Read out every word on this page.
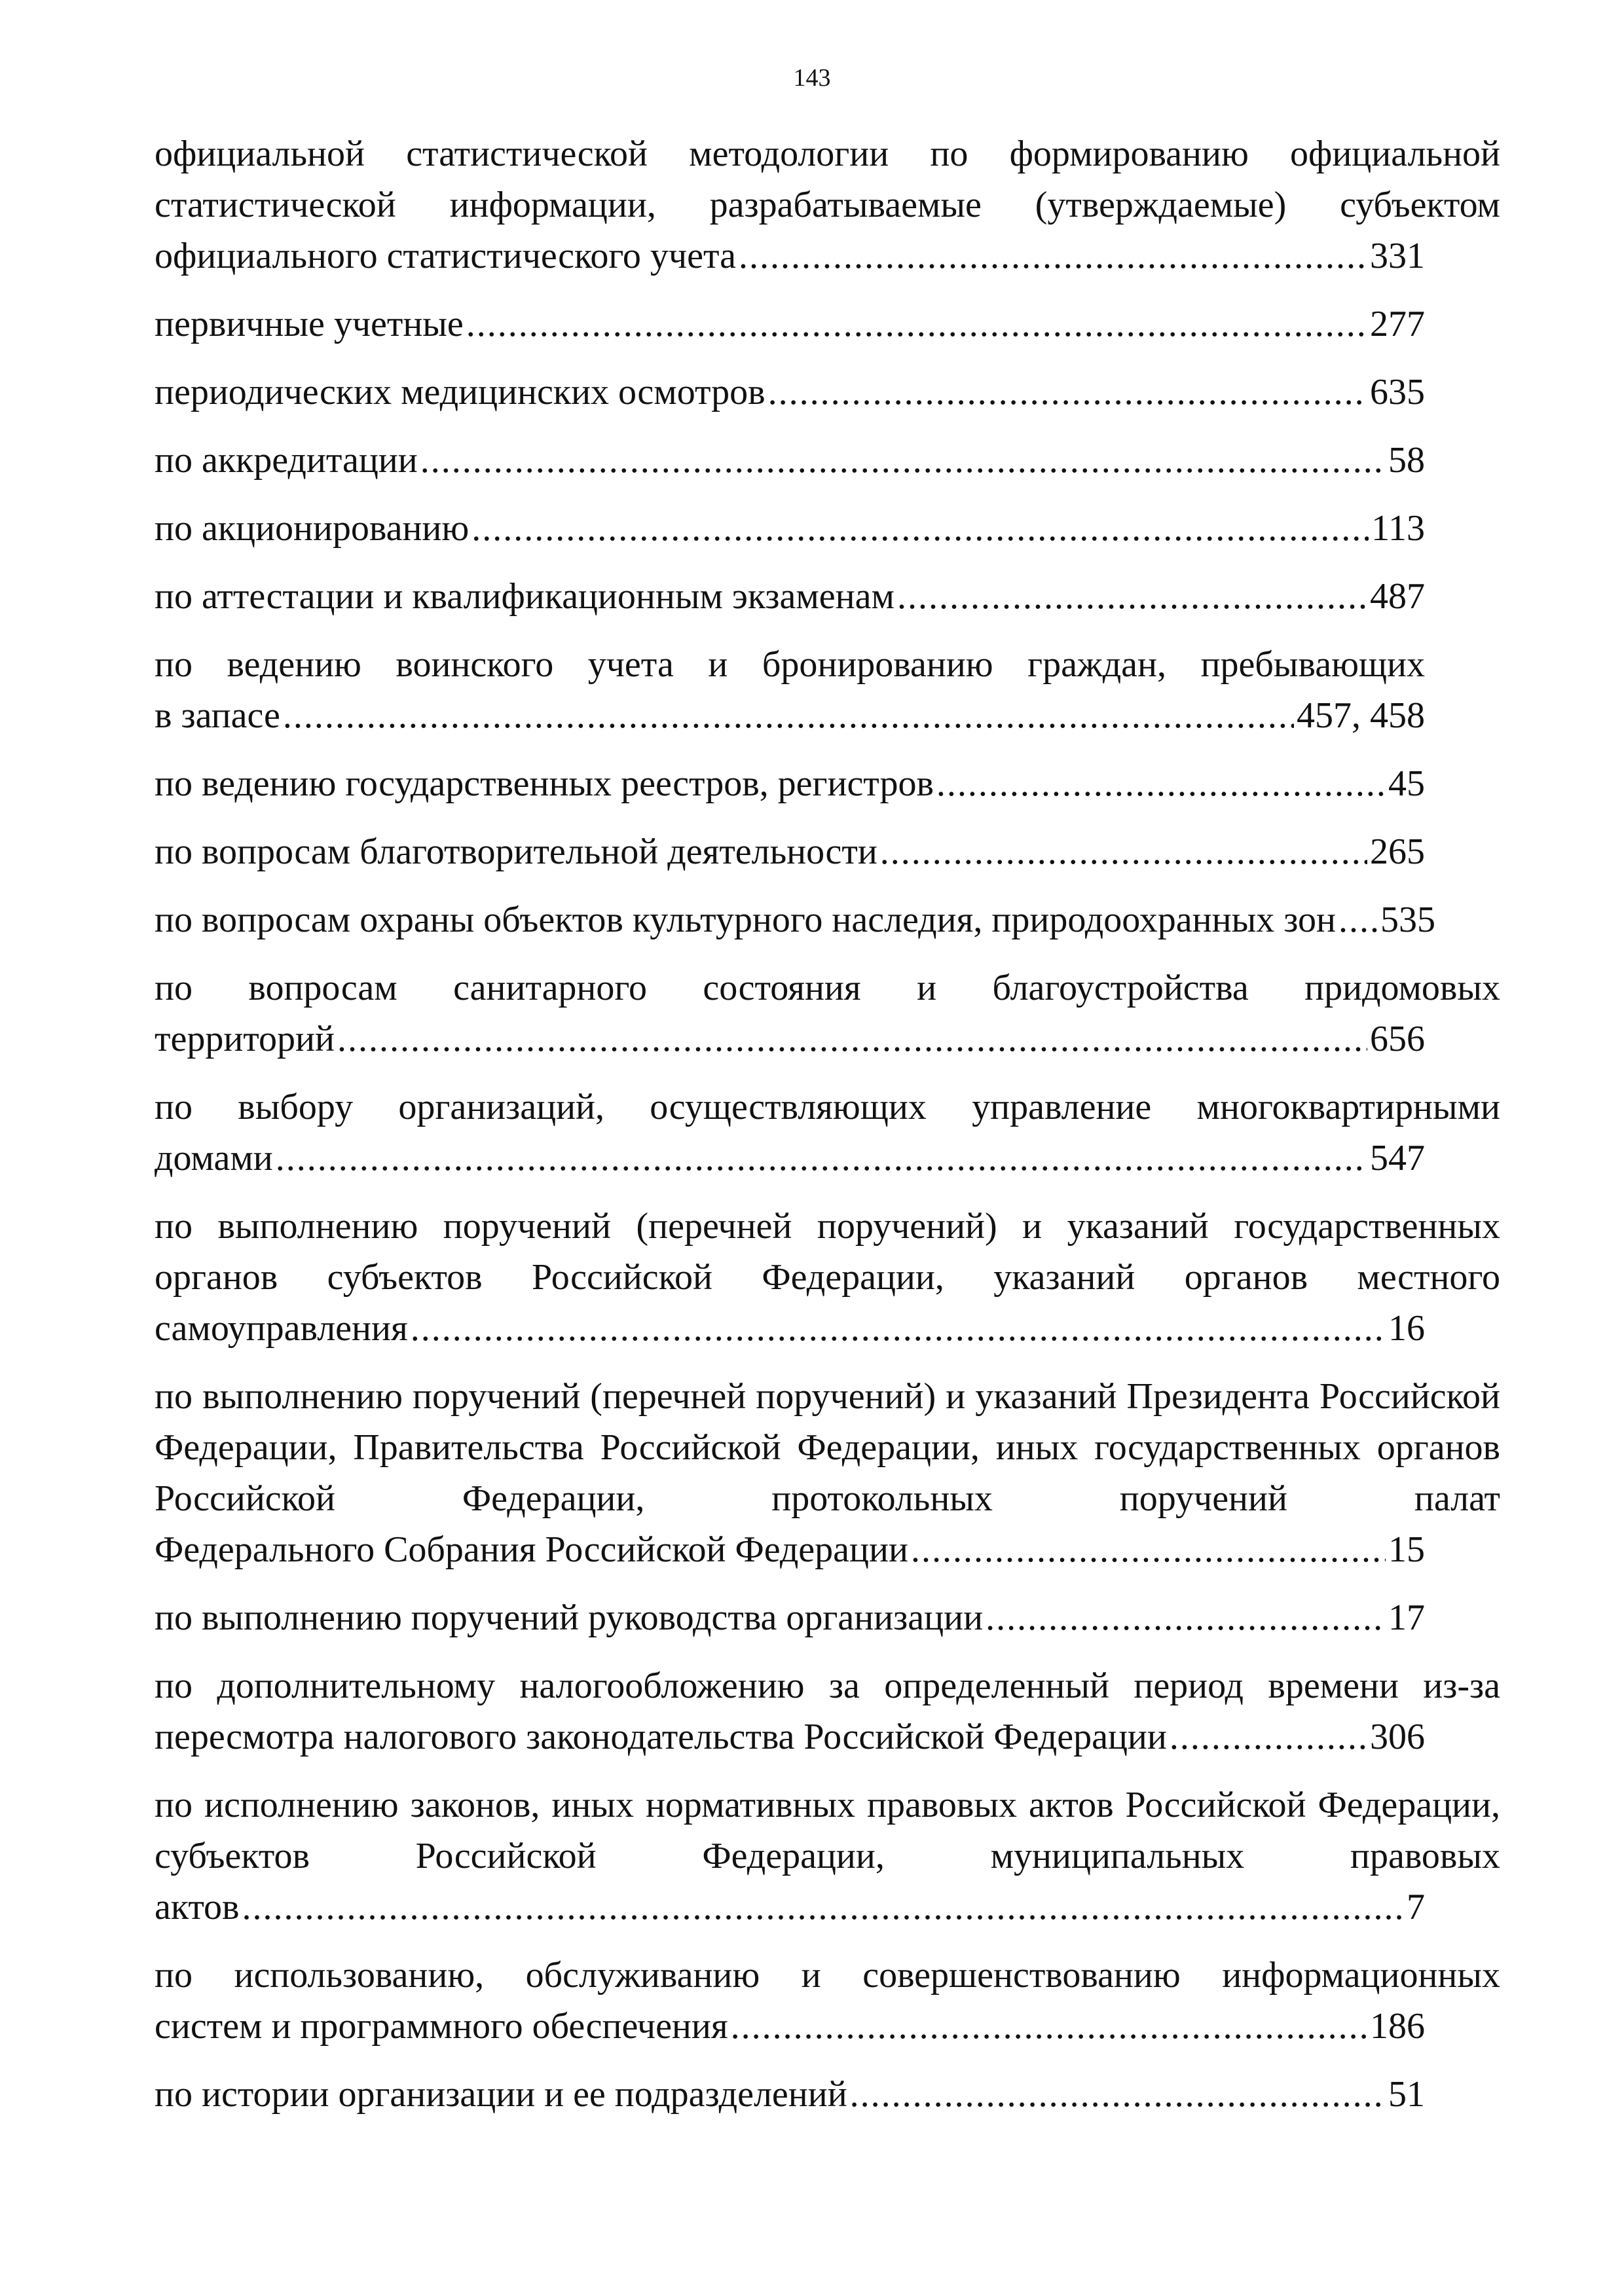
143
официальной статистической методологии по формированию официальной статистической информации, разрабатываемые (утверждаемые) субъектом
официального статистического учета .....	331
первичные учетные .....	277
периодических медицинских осмотров .....	635
по аккредитации .....	58
по акционированию .....	113
по аттестации и квалификационным экзаменам .....	487
по ведению воинского учета и бронированию граждан, пребывающих
в запасе .....	457, 458
по ведению государственных реестров, регистров .....	45
по вопросам благотворительной деятельности .....	265
по вопросам охраны объектов культурного наследия, природоохранных зон ..... 535
по вопросам санитарного состояния и благоустройства придомовых
территорий .....	656
по выбору организаций, осуществляющих управление многоквартирными
домами .....	547
по выполнению поручений (перечней поручений) и указаний государственных органов субъектов Российской Федерации, указаний органов местного
самоуправления .....	16
по выполнению поручений (перечней поручений) и указаний Президента Российской Федерации, Правительства Российской Федерации, иных государственных органов Российской Федерации, протокольных поручений палат
Федерального Собрания Российской Федерации .....	15
по выполнению поручений руководства организации .....	17
по дополнительному налогообложению за определенный период времени из-за
пересмотра налогового законодательства Российской Федерации .....	306
по исполнению законов, иных нормативных правовых актов Российской Федерации, субъектов Российской Федерации, муниципальных правовых
актов .....	7
по использованию, обслуживанию и совершенствованию информационных
систем и программного обеспечения .....	186
по истории организации и ее подразделений .....	51
